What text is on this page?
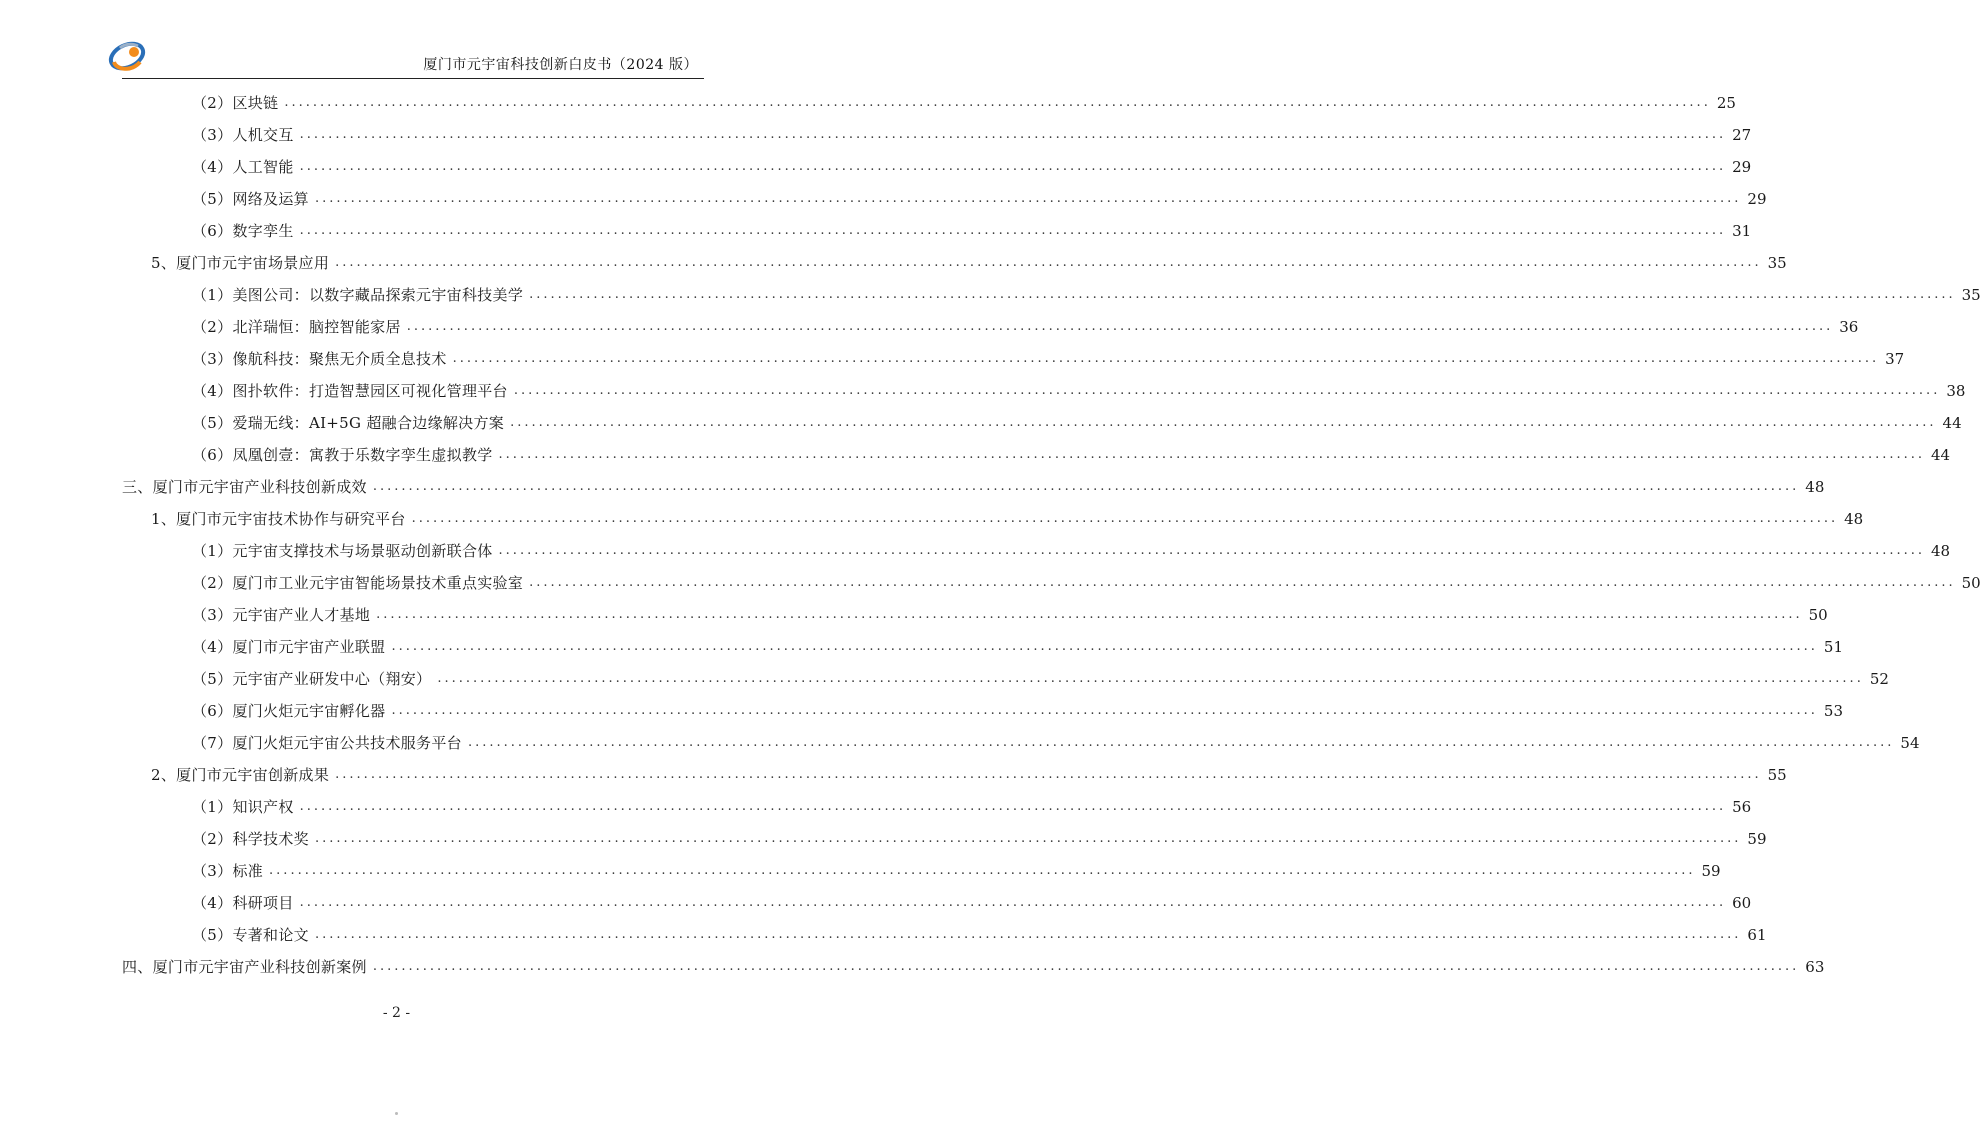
厦门市元宇宙科技创新白皮书（2024 版）
（2）区块链 ........................................................................................................................................................................................................ 25
（3）人机交互 ........................................................................................................................................................................................................ 27
（4）人工智能 ........................................................................................................................................................................................................ 29
（5）网络及运算 ........................................................................................................................................................................................................ 29
（6）数字孪生 ........................................................................................................................................................................................................ 31
5、厦门市元宇宙场景应用 ........................................................................................................................................................................................................ 35
（1）美图公司：以数字藏品探索元宇宙科技美学 ........................................................................................................................................................................................................ 35
（2）北洋瑞恒：脑控智能家居 ........................................................................................................................................................................................................ 36
（3）像航科技：聚焦无介质全息技术 ........................................................................................................................................................................................................ 37
（4）图扑软件：打造智慧园区可视化管理平台 ........................................................................................................................................................................................................ 38
（5）爱瑞无线：AI+5G 超融合边缘解决方案 ........................................................................................................................................................................................................ 44
（6）凤凰创壹：寓教于乐数字孪生虚拟教学 ........................................................................................................................................................................................................ 44
三、厦门市元宇宙产业科技创新成效 ........................................................................................................................................................................................................ 48
1、厦门市元宇宙技术协作与研究平台 ........................................................................................................................................................................................................ 48
（1）元宇宙支撑技术与场景驱动创新联合体 ........................................................................................................................................................................................................ 48
（2）厦门市工业元宇宙智能场景技术重点实验室 ........................................................................................................................................................................................................ 50
（3）元宇宙产业人才基地 ........................................................................................................................................................................................................ 50
（4）厦门市元宇宙产业联盟 ........................................................................................................................................................................................................ 51
（5）元宇宙产业研发中心（翔安） ........................................................................................................................................................................................................ 52
（6）厦门火炬元宇宙孵化器 ........................................................................................................................................................................................................ 53
（7）厦门火炬元宇宙公共技术服务平台 ........................................................................................................................................................................................................ 54
2、厦门市元宇宙创新成果 ........................................................................................................................................................................................................ 55
（1）知识产权 ........................................................................................................................................................................................................ 56
（2）科学技术奖 ........................................................................................................................................................................................................ 59
（3）标准 ........................................................................................................................................................................................................ 59
（4）科研项目 ........................................................................................................................................................................................................ 60
（5）专著和论文 ........................................................................................................................................................................................................ 61
四、厦门市元宇宙产业科技创新案例 ........................................................................................................................................................................................................ 63
- 2 -
